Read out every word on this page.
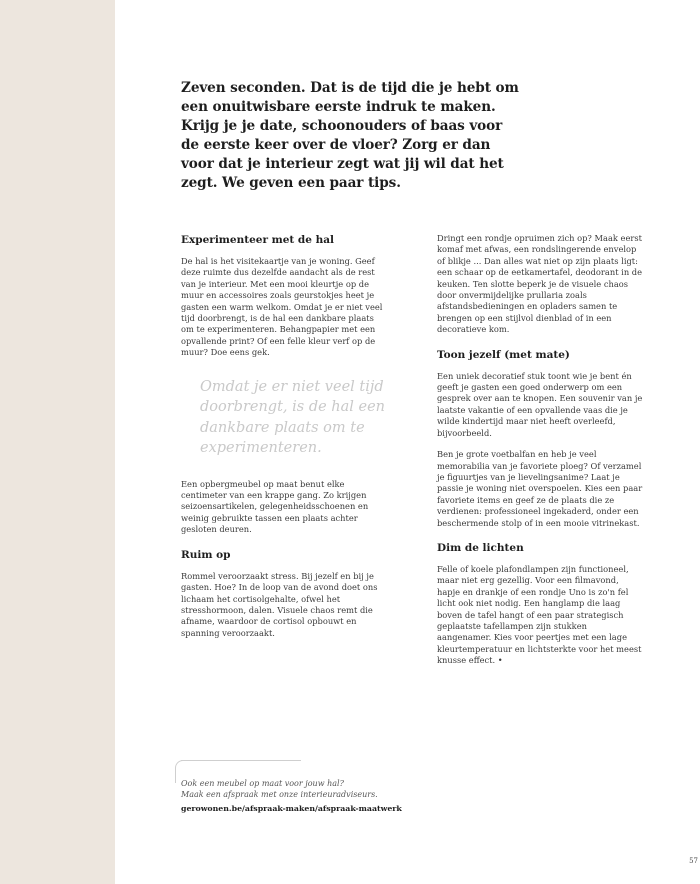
Zeven seconden. Dat is de tijd die je hebt om een onuitwisbare eerste indruk te maken. Krijg je je date, schoonouders of baas voor de eerste keer over de vloer? Zorg er dan voor dat je interieur zegt wat jij wil dat het zegt. We geven een paar tips.

Experimenteer met de hal

De hal is het visitekaartje van je woning. Geef deze ruimte dus dezelfde aandacht als de rest van je interieur. Met een mooi kleurtje op de muur en accessoires zoals geurstokjes heet je gasten een warm welkom. Omdat je er niet veel tijd doorbrengt, is de hal een dankbare plaats om te experimenteren. Behangpapier met een opvallende print? Of een felle kleur verf op de muur? Doe eens gek.

Omdat je er niet veel tijd doorbrengt, is de hal een dankbare plaats om te experimenteren.

Een opbergmeubel op maat benut elke centimeter van een krappe gang. Zo krijgen seizoensartikelen, gelegenheidsschoenen en weinig gebruikte tassen een plaats achter gesloten deuren.

Ruim op

Rommel veroorzaakt stress. Bij jezelf en bij je gasten. Hoe? In de loop van de avond doet ons lichaam het cortisolgehalte, ofwel het stresshormoon, dalen. Visuele chaos remt die afname, waardoor de cortisol opbouwt en spanning veroorzaakt.

Dringt een rondje opruimen zich op? Maak eerst komaf met afwas, een rondslingerende envelop of blikje ... Dan alles wat niet op zijn plaats ligt: een schaar op de eetkamertafel, deodorant in de keuken. Ten slotte beperk je de visuele chaos door onvermijdelijke prullaria zoals afstandsbedieningen en opladers samen te brengen op een stijlvol dienblad of in een decoratieve kom.

Toon jezelf (met mate)

Een uniek decoratief stuk toont wie je bent én geeft je gasten een goed onderwerp om een gesprek over aan te knopen. Een souvenir van je laatste vakantie of een opvallende vaas die je wilde kindertijd maar niet heeft overleefd, bijvoorbeeld.

Ben je grote voetbalfan en heb je veel memorabilia van je favoriete ploeg? Of verzamel je figuurtjes van je lievelingsanime? Laat je passie je woning niet overspoelen. Kies een paar favoriete items en geef ze de plaats die ze verdienen: professioneel ingekaderd, onder een beschermende stolp of in een mooie vitrinekast.

Dim de lichten

Felle of koele plafondlampen zijn functioneel, maar niet erg gezellig. Voor een filmavond, hapje en drankje of een rondje Uno is zo'n fel licht ook niet nodig. Een hanglamp die laag boven de tafel hangt of een paar strategisch geplaatste tafellampen zijn stukken aangenamer. Kies voor peertjes met een lage kleurtemperatuur en lichtsterkte voor het meest knusse effect. •

Ook een meubel op maat voor jouw hal?

Maak een afspraak met onze interieuradviseurs.

gerowonen.be/afspraak-maken/afspraak-maatwerk
57
